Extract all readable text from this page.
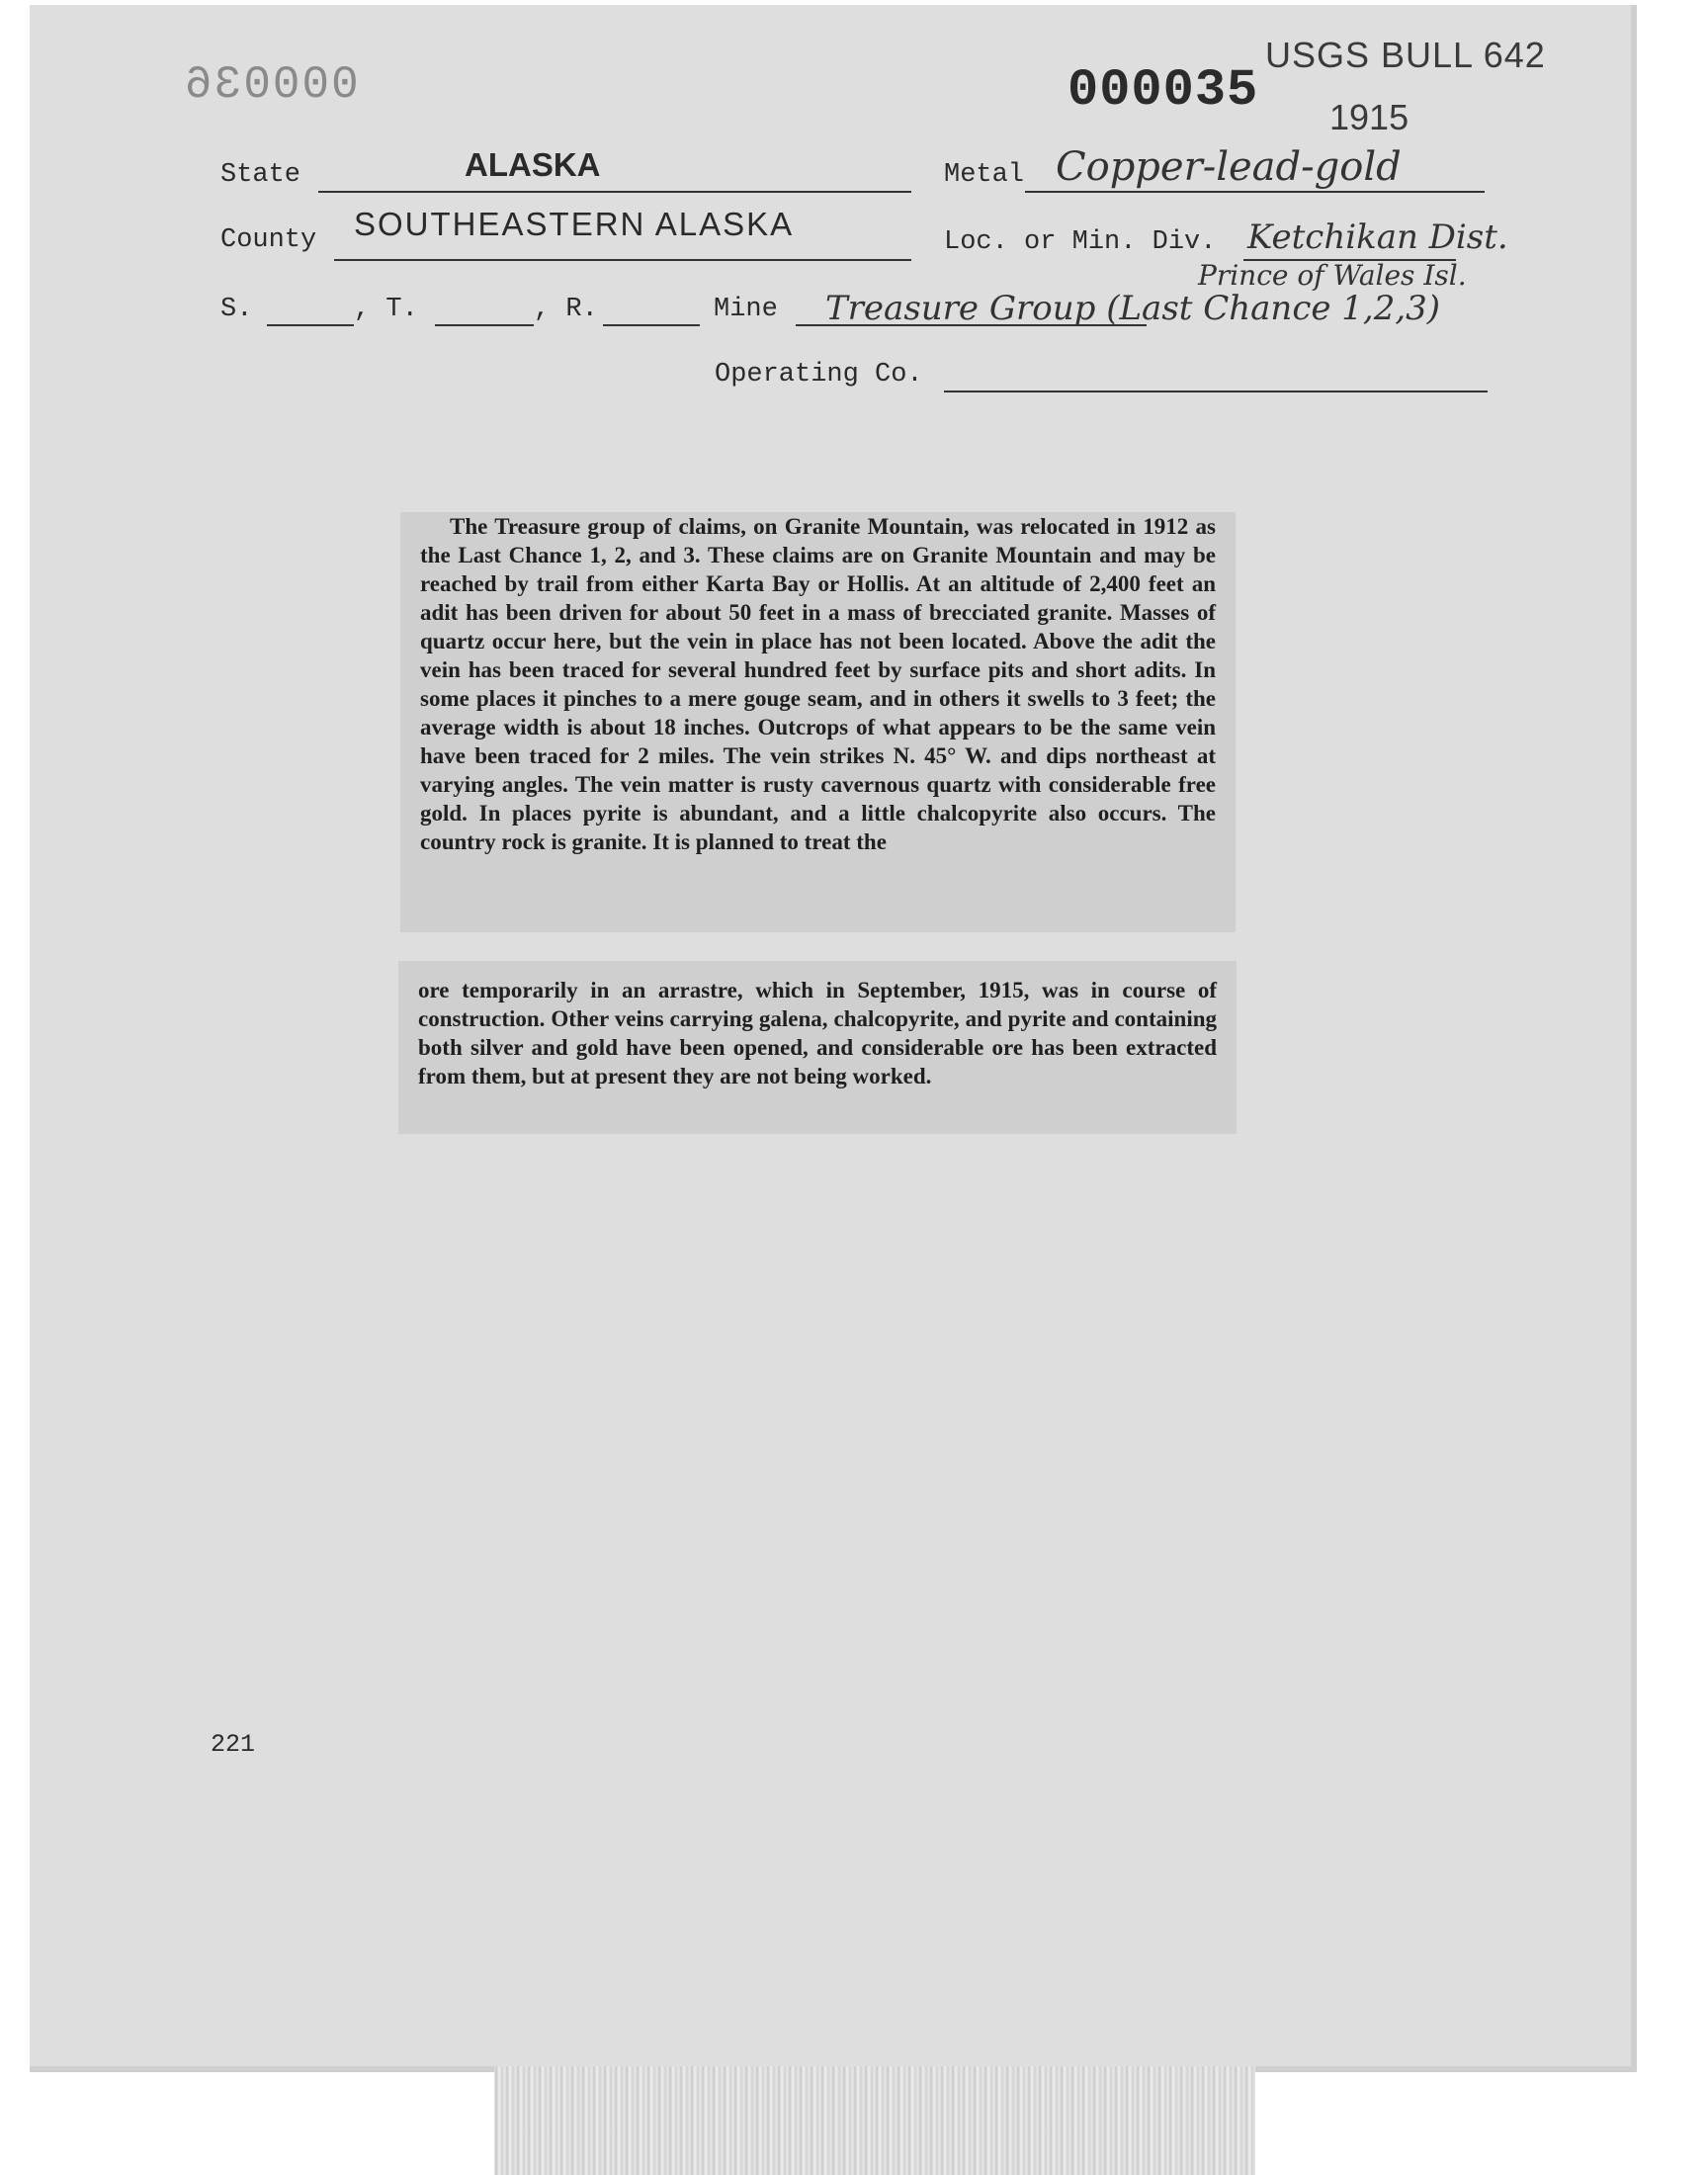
000036	000035
USGS BULL 642
1915
State	ALASKA	Metal Copper-lead-gold
County SOUTHEASTERN ALASKA	Loc. or Min. Div. Ketchikan Dist.
Prince of Wales Isl.
S.	, T.	, R.	Mine Treasure Group (Last Chance 1,2,3)
Operating Co.

The Treasure group of claims, on Granite Mountain, was relocated in 1912 as the Last Chance 1, 2, and 3. These claims are on Granite Mountain and may be reached by trail from either Karta Bay or Hollis. At an altitude of 2,400 feet an adit has been driven for about 50 feet in a mass of brecciated granite. Masses of quartz occur here, but the vein in place has not been located. Above the adit the vein has been traced for several hundred feet by surface pits and short adits. In some places it pinches to a mere gouge seam, and in others it swells to 3 feet; the average width is about 18 inches. Outcrops of what appears to be the same vein have been traced for 2 miles. The vein strikes N. 45° W. and dips northeast at varying angles. The vein matter is rusty cavernous quartz with considerable free gold. In places pyrite is abundant, and a little chalcopyrite also occurs. The country rock is granite. It is planned to treat the

ore temporarily in an arrastre, which in September, 1915, was in course of construction. Other veins carrying galena, chalcopyrite, and pyrite and containing both silver and gold have been opened, and considerable ore has been extracted from them, but at present they are not being worked.

221
